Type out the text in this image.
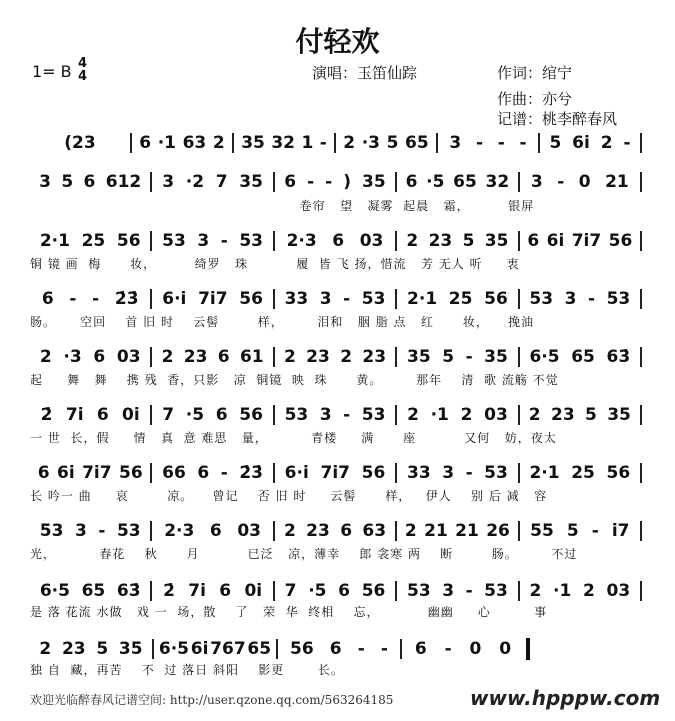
付轻欢
1= B 4
4	演唱：玉笛仙踪	作词：绾宁
作曲：亦兮
记谱：桃李醉春风
(23	6 ·1 63 2 35 32 1 - 2 ·3 5 65 3 - - - 5 6i 2 -
3 5 6 612 3 ·2 7 35 6 - - ) 35 6 ·5 65 32 3 - 0 21
2·1 25 56 53 3 - 53 2·3 6 03 2 23 5 35 6 6i 7i7 56
6 - - 2̇3̇ 6·i 7i7 56 33 3 - 53 2·1 25 56 53 3 - 53
2 ·3 6 03 2 23 6 61 2 23 2 23 35 5 - 35 6·5 65 63̇
2̇ 7i 6 0i 7 ·5 6 56 53 3 - 53 2 ·1 2 03 2 23 5 35
6 6i 7i7 56 66 6 - 2̇3̇ 6·i 7i7 56 33 3 - 53 2·1 25 56
53 3 - 53 2·3 6 03 2 23 6 63 2 21 21 26 55 5 - i7
6·5 65 63̇ 2̇ 7i 6 0i 7 ·5 6 56 53 3 - 53 2 ·1 2 03
2 23 5 35 6·5 6i 767 65 56 6 - - 6 - 0 0
卷帘   望   凝雾  起晨   霜，        银屏
铜 镜 画  梅      妆，        绮罗   珠          履  皆 飞 扬，惜流   芳 无人 听     衷
肠。     空回    首 旧 时    云髻        样，       泪和   胭 脂 点   红      妆，    挽油
起     舞   舞    携 残  香，只影   凉  铜镜  映  珠      黄。       那年    清  歌 流觞 不觉
一 世  长，假     情   真  意 难思   量，         青楼     满      座          又何   妨，夜太
长 吟一 曲     哀        凉。    曾记    否 旧 时     云髻      样，   伊人    别 后 减   容
光，         春花    秋      月          已泛   凉，薄幸    郎 衾寒 两    断        肠。       不过
是 落 花流 水做   戏 一  场，散    了   荣  华  终相    忘，          幽幽     心         事
独 自  藏，再苦    不  过 落日 斜阳    影更       长。
欢迎光临醉春风记谱空间: http://user.qzone.qq.com/563264185	www.hpppw.com
